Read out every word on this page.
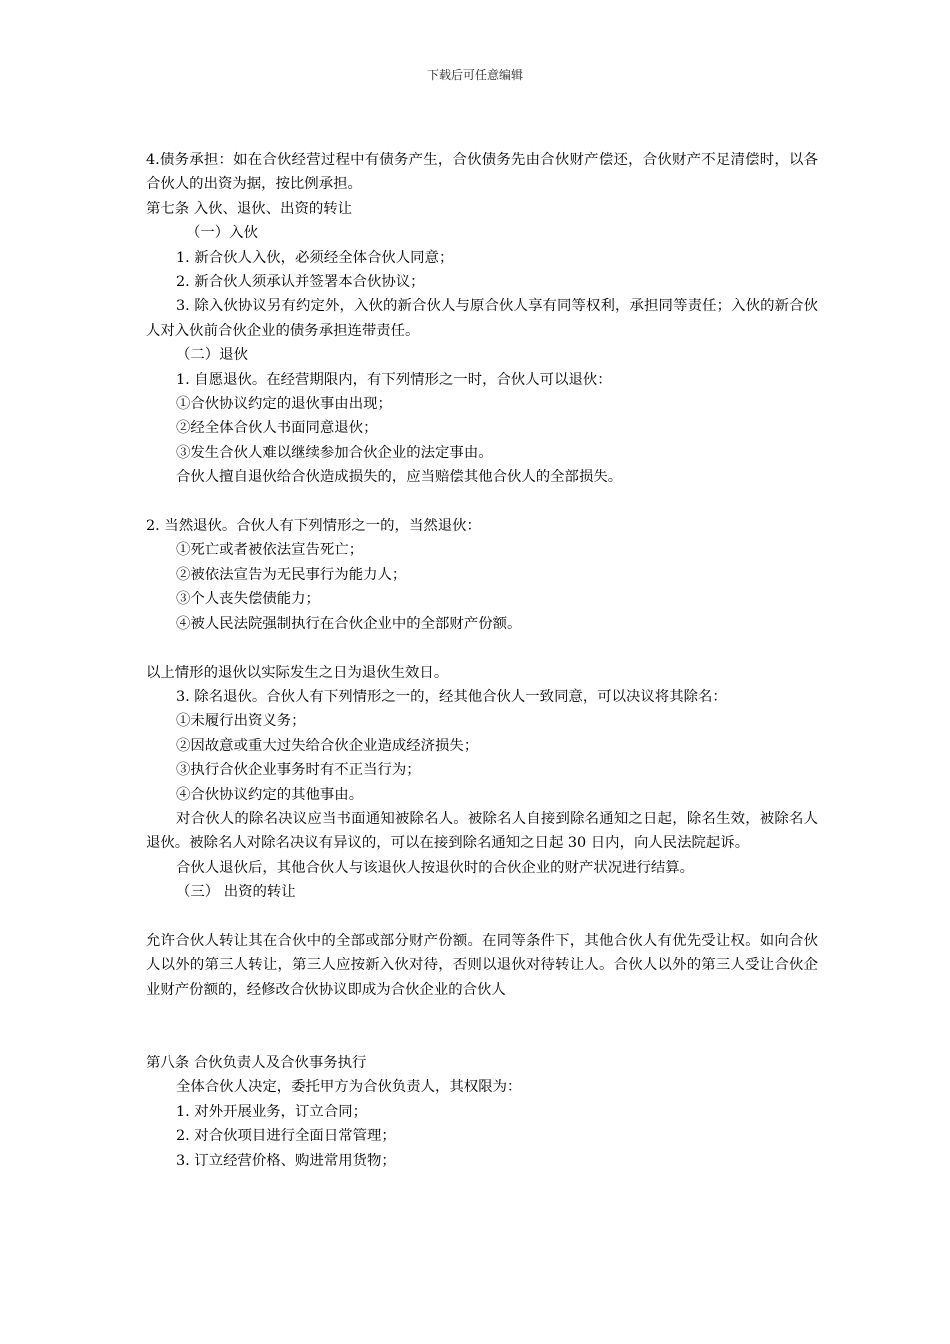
下载后可任意编辑

4.债务承担：如在合伙经营过程中有债务产生，合伙债务先由合伙财产偿还，合伙财产不足清偿时，以各合伙人的出资为据，按比例承担。

第七条 入伙、退伙、出资的转让

（一）入伙

1. 新合伙人入伙，必须经全体合伙人同意；

2. 新合伙人须承认并签署本合伙协议；

3. 除入伙协议另有约定外，入伙的新合伙人与原合伙人享有同等权利，承担同等责任；入伙的新合伙人对入伙前合伙企业的债务承担连带责任。

（二）退伙

1. 自愿退伙。在经营期限内，有下列情形之一时，合伙人可以退伙：

①合伙协议约定的退伙事由出现；

②经全体合伙人书面同意退伙；

③发生合伙人难以继续参加合伙企业的法定事由。

合伙人擅自退伙给合伙造成损失的，应当赔偿其他合伙人的全部损失。

2. 当然退伙。合伙人有下列情形之一的，当然退伙：

①死亡或者被依法宣告死亡；

②被依法宣告为无民事行为能力人；

③个人丧失偿债能力；

④被人民法院强制执行在合伙企业中的全部财产份额。

以上情形的退伙以实际发生之日为退伙生效日。

3. 除名退伙。合伙人有下列情形之一的，经其他合伙人一致同意，可以决议将其除名：

①未履行出资义务；

②因故意或重大过失给合伙企业造成经济损失；

③执行合伙企业事务时有不正当行为；

④合伙协议约定的其他事由。

对合伙人的除名决议应当书面通知被除名人。被除名人自接到除名通知之日起，除名生效，被除名人退伙。被除名人对除名决议有异议的，可以在接到除名通知之日起 30 日内，向人民法院起诉。

合伙人退伙后，其他合伙人与该退伙人按退伙时的合伙企业的财产状况进行结算。

（三） 出资的转让

允许合伙人转让其在合伙中的全部或部分财产份额。在同等条件下，其他合伙人有优先受让权。如向合伙人以外的第三人转让，第三人应按新入伙对待，否则以退伙对待转让人。合伙人以外的第三人受让合伙企业财产份额的，经修改合伙协议即成为合伙企业的合伙人

第八条 合伙负责人及合伙事务执行

全体合伙人决定，委托甲方为合伙负责人，其权限为：

1. 对外开展业务，订立合同；

2. 对合伙项目进行全面日常管理；

3. 订立经营价格、购进常用货物；
